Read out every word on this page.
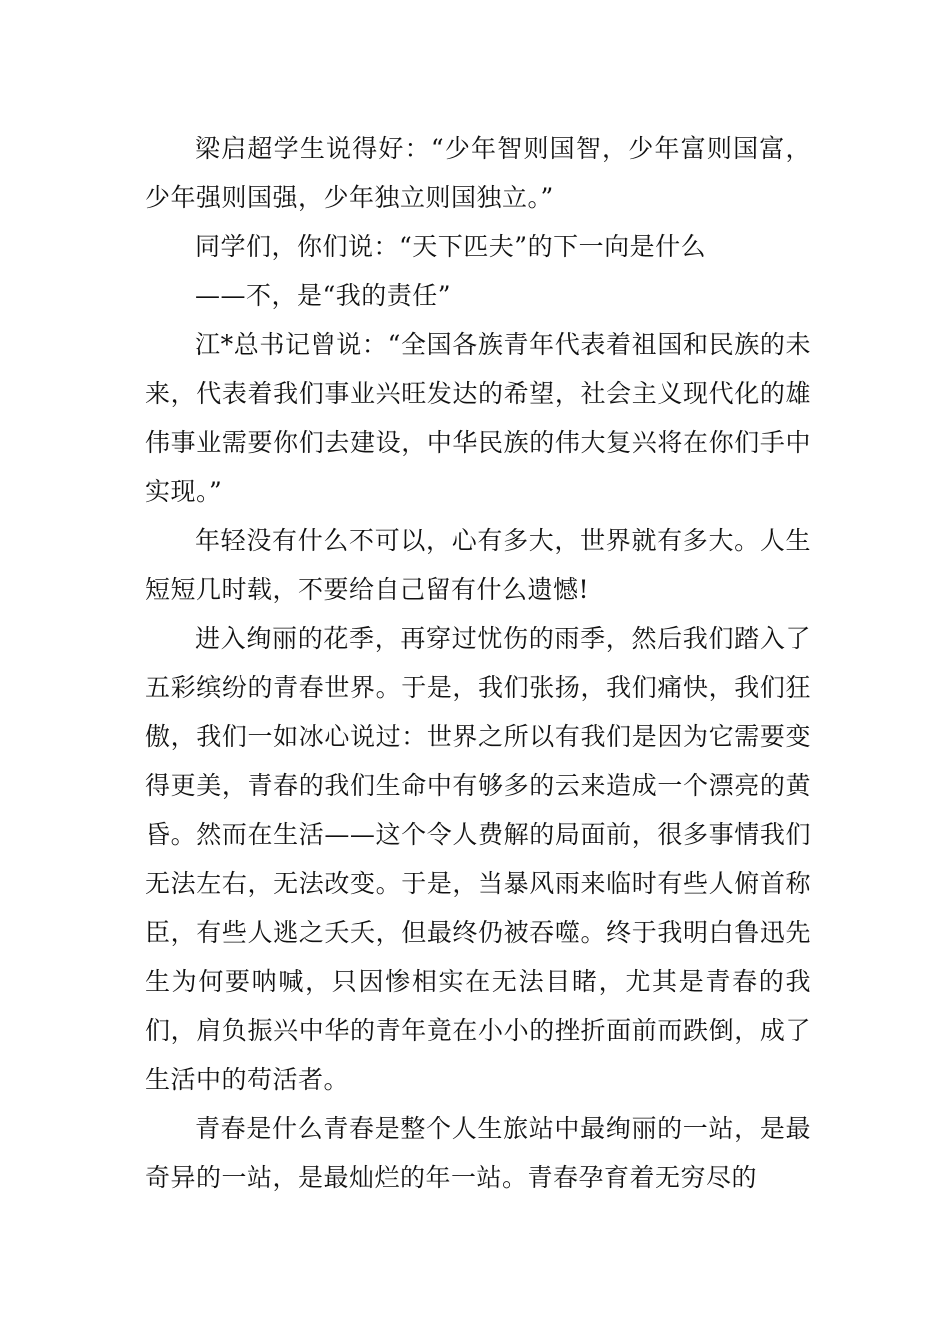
梁启超学生说得好：“少年智则国智，少年富则国富，少年强则国强，少年独立则国独立。”

同学们，你们说：“天下匹夫”的下一向是什么

——不，是“我的责任”

江*总书记曾说：“全国各族青年代表着祖国和民族的未来，代表着我们事业兴旺发达的希望，社会主义现代化的雄伟事业需要你们去建设，中华民族的伟大复兴将在你们手中实现。”

年轻没有什么不可以，心有多大，世界就有多大。人生短短几时载，不要给自己留有什么遗憾!

进入绚丽的花季，再穿过忧伤的雨季，然后我们踏入了五彩缤纷的青春世界。于是，我们张扬，我们痛快，我们狂傲，我们一如冰心说过：世界之所以有我们是因为它需要变得更美，青春的我们生命中有够多的云来造成一个漂亮的黄昏。然而在生活——这个令人费解的局面前，很多事情我们无法左右，无法改变。于是，当暴风雨来临时有些人俯首称臣，有些人逃之夭夭，但最终仍被吞噬。终于我明白鲁迅先生为何要呐喊，只因惨相实在无法目睹，尤其是青春的我们，肩负振兴中华的青年竟在小小的挫折面前而跌倒，成了生活中的苟活者。

青春是什么青春是整个人生旅站中最绚丽的一站，是最奇异的一站，是最灿烂的年一站。青春孕育着无穷尽的
